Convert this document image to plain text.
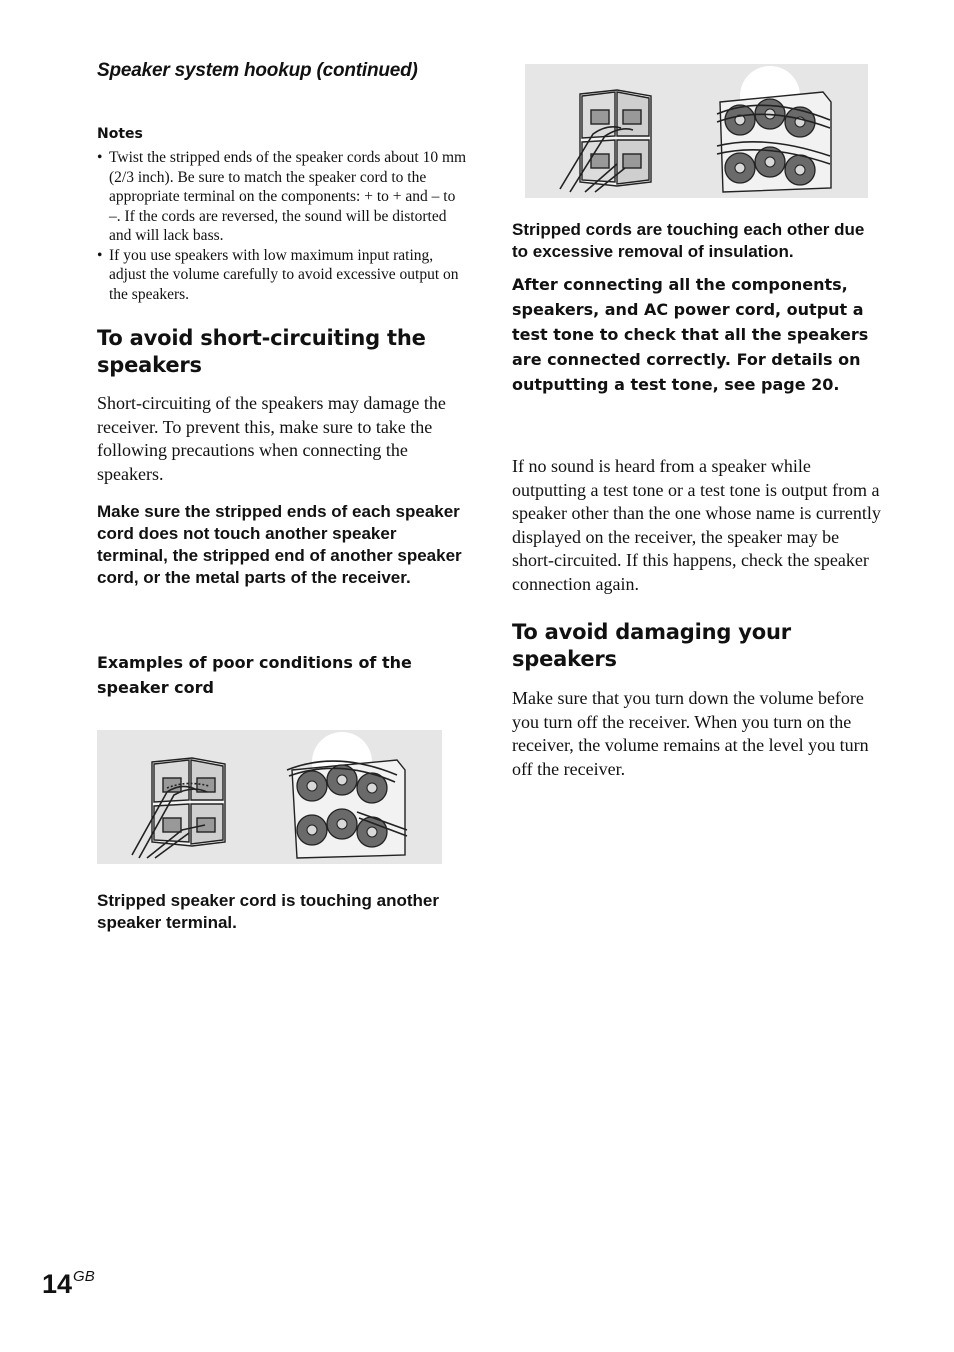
Speaker system hookup (continued)
Notes
• Twist the stripped ends of the speaker cords about 10 mm (2/3 inch). Be sure to match the speaker cord to the appropriate terminal on the components: + to + and – to –. If the cords are reversed, the sound will be distorted and will lack bass.
• If you use speakers with low maximum input rating, adjust the volume carefully to avoid excessive output on the speakers.
To avoid short-circuiting the speakers

Short-circuiting of the speakers may damage the receiver. To prevent this, make sure to take the following precautions when connecting the speakers.

Make sure the stripped ends of each speaker cord does not touch another speaker terminal, the stripped end of another speaker cord, or the metal parts of the receiver.

Examples of poor conditions of the speaker cord

Stripped speaker cord is touching another speaker terminal.

Stripped cords are touching each other due to excessive removal of insulation.

After connecting all the components, speakers, and AC power cord, output a test tone to check that all the speakers are connected correctly. For details on outputting a test tone, see page 20.

If no sound is heard from a speaker while outputting a test tone or a test tone is output from a speaker other than the one whose name is currently displayed on the receiver, the speaker may be short-circuited. If this happens, check the speaker connection again.

To avoid damaging your speakers

Make sure that you turn down the volume before you turn off the receiver. When you turn on the receiver, the volume remains at the level you turn off the receiver.

$14^{GB}$
